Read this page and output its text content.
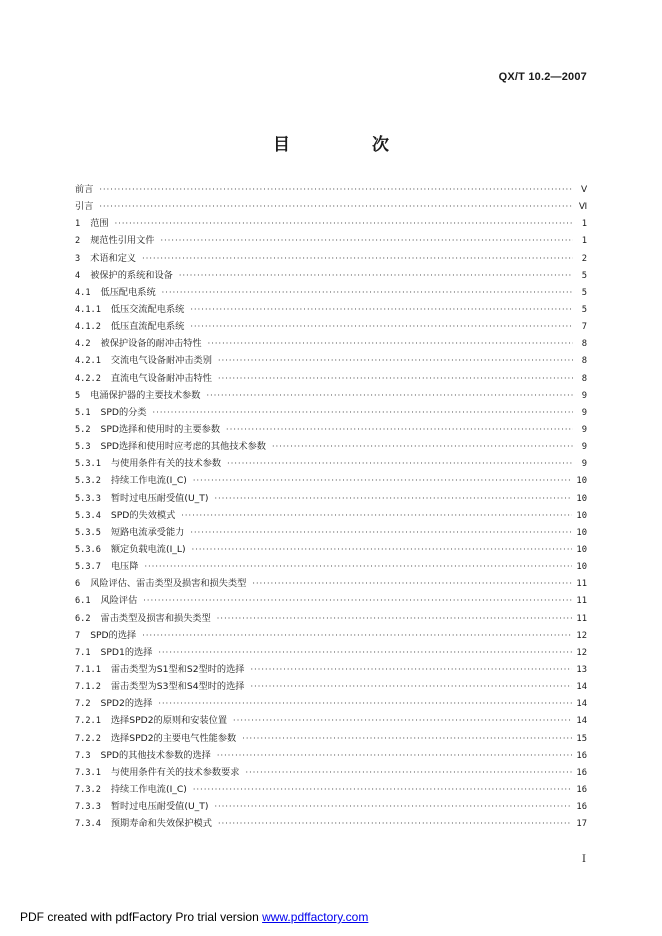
QX/T 10.2—2007
目 次
前言 ·····	Ⅴ
引言 ·····	Ⅵ
1 范围 ·····	1
2 规范性引用文件 ·····	1
3 术语和定义 ·····	2
4 被保护的系统和设备 ·····	5
4.1 低压配电系统 ·····	5
4.1.1 低压交流配电系统 ·····	5
4.1.2 低压直流配电系统 ·····	7
4.2 被保护设备的耐冲击特性 ·····	8
4.2.1 交流电气设备耐冲击类别 ·····	8
4.2.2 直流电气设备耐冲击特性 ·····	8
5 电涌保护器的主要技术参数 ·····	9
5.1 SPD的分类 ·····	9
5.2 SPD选择和使用时的主要参数 ·····	9
5.3 SPD选择和使用时应考虑的其他技术参数 ·····	9
5.3.1 与使用条件有关的技术参数 ·····	9
5.3.2 持续工作电流(I_C) ·····	10
5.3.3 暂时过电压耐受值(U_T) ·····	10
5.3.4 SPD的失效模式 ·····	10
5.3.5 短路电流承受能力 ·····	10
5.3.6 额定负载电流(I_L) ·····	10
5.3.7 电压降 ·····	10
6 风险评估、雷击类型及损害和损失类型 ·····	11
6.1 风险评估 ·····	11
6.2 雷击类型及损害和损失类型 ·····	11
7 SPD的选择 ·····	12
7.1 SPD1的选择 ·····	12
7.1.1 雷击类型为S1型和S2型时的选择 ·····	13
7.1.2 雷击类型为S3型和S4型时的选择 ·····	14
7.2 SPD2的选择 ·····	14
7.2.1 选择SPD2的原则和安装位置 ·····	14
7.2.2 选择SPD2的主要电气性能参数 ·····	15
7.3 SPD的其他技术参数的选择 ·····	16
7.3.1 与使用条件有关的技术参数要求 ·····	16
7.3.2 持续工作电流(I_C) ·····	16
7.3.3 暂时过电压耐受值(U_T) ·····	16
7.3.4 预期寿命和失效保护模式 ·····	17
Ⅰ
PDF created with pdfFactory Pro trial version www.pdffactory.com
